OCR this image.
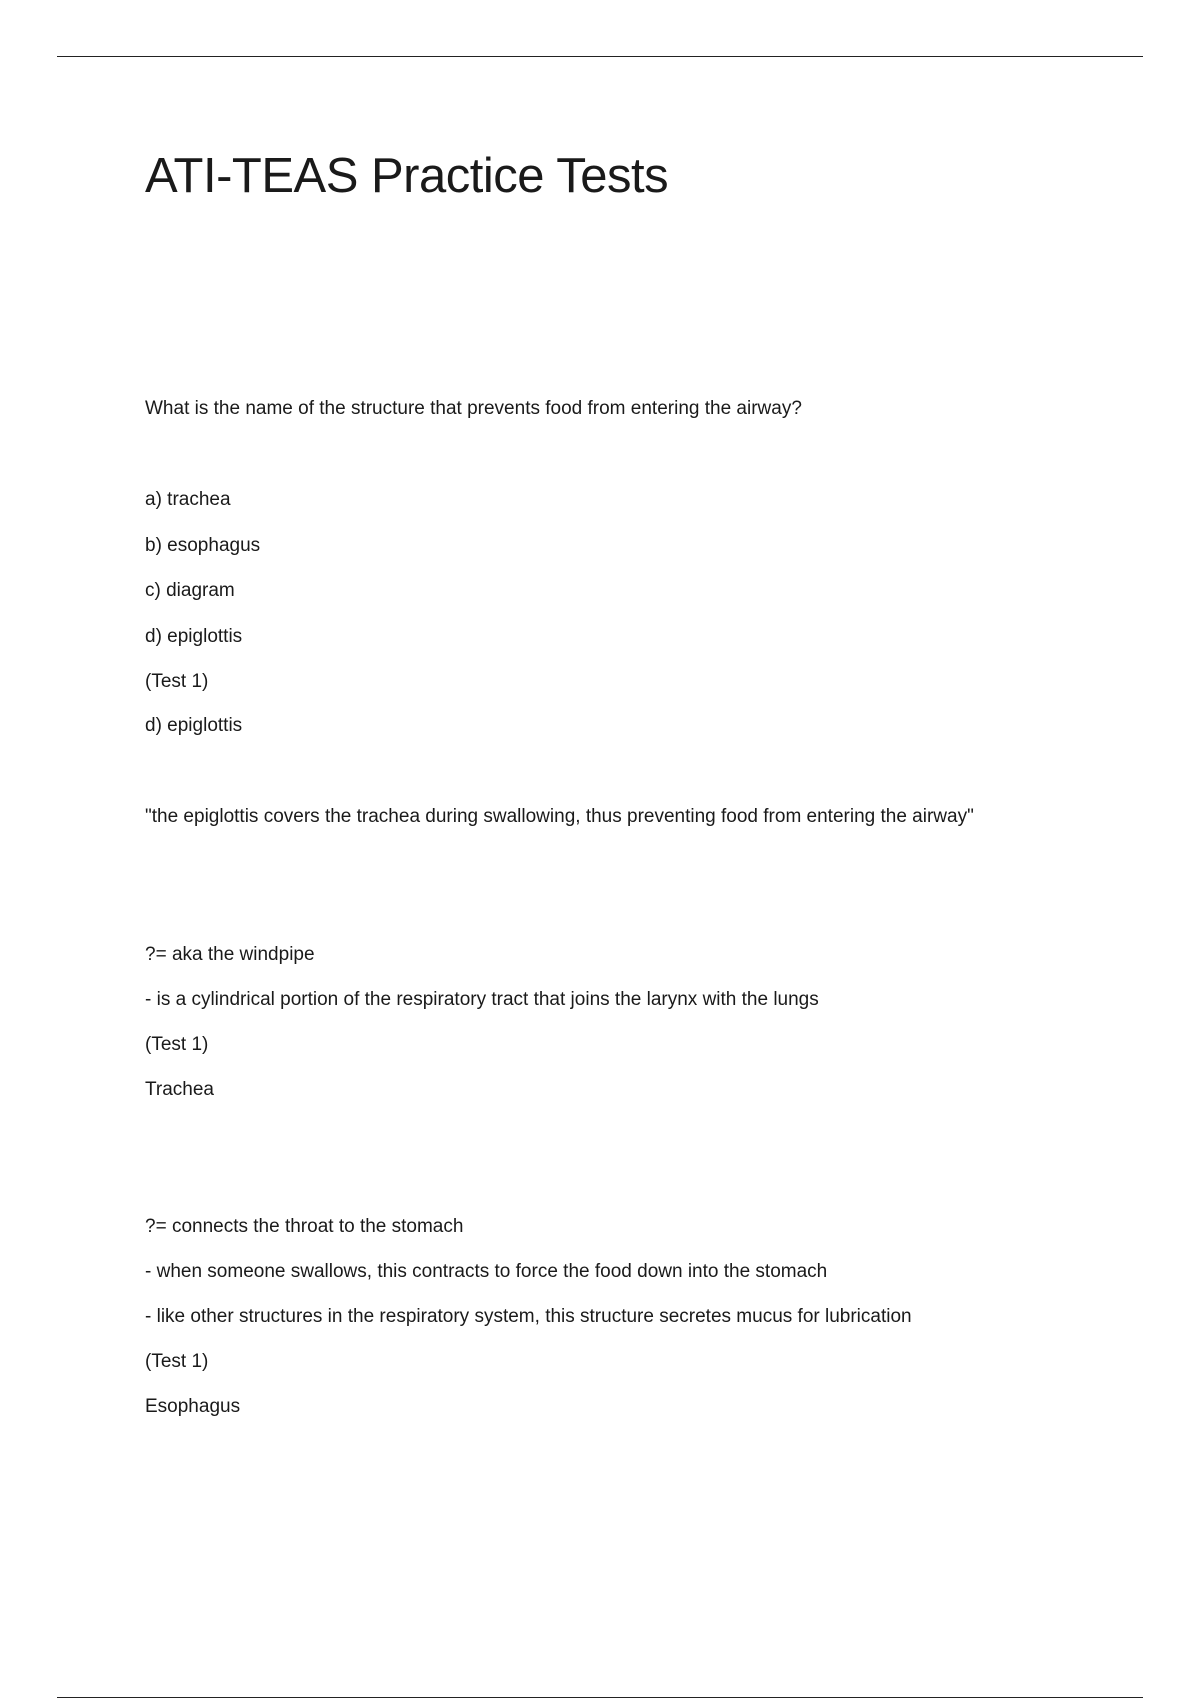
ATI-TEAS Practice Tests
What is the name of the structure that prevents food from entering the airway?
a) trachea
b) esophagus
c) diagram
d) epiglottis
(Test 1)
d) epiglottis
"the epiglottis covers the trachea during swallowing, thus preventing food from entering the airway"
?= aka the windpipe
- is a cylindrical portion of the respiratory tract that joins the larynx with the lungs
(Test 1)
Trachea
?= connects the throat to the stomach
- when someone swallows, this contracts to force the food down into the stomach
- like other structures in the respiratory system, this structure secretes mucus for lubrication
(Test 1)
Esophagus
